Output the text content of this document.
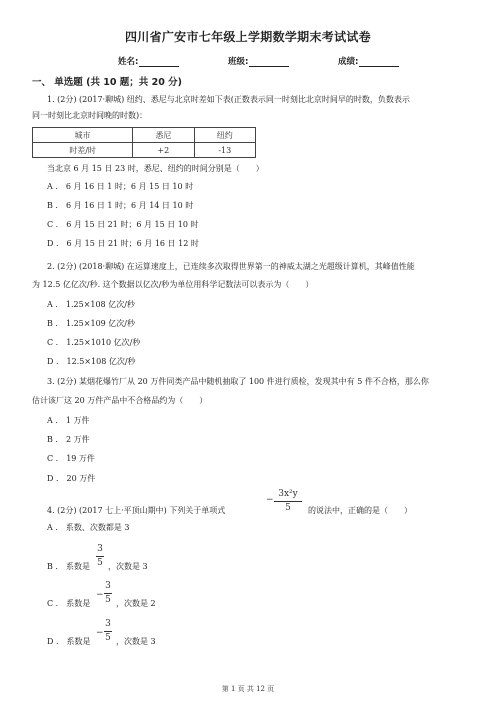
四川省广安市七年级上学期数学期末考试试卷
姓名:	班级:	成绩:
一、 单选题 (共 10 题；共 20 分)
1. (2分) (2017·聊城) 纽约、悉尼与北京时差如下表(正数表示同一时刻比北京时间早的时数，负数表示
同一时刻比北京时间晚的时数)：
城市	悉尼	纽约
时差/时	+2	-13
当北京 6 月 15 日 23 时，悉尼、纽约的时间分别是（　　）
A ． 6 月 16 日 1 时；6 月 15 日 10 时
B ． 6 月 16 日 1 时；6 月 14 日 10 时
C ． 6 月 15 日 21 时；6 月 15 日 10 时
D ． 6 月 15 日 21 时；6 月 16 日 12 时
2. (2分) (2018·聊城) 在运算速度上，已连续多次取得世界第一的神威太湖之光超级计算机，其峰值性能
为 12.5 亿亿次/秒. 这个数据以亿次/秒为单位用科学记数法可以表示为（　　）
A ． 1.25×108 亿次/秒
B ． 1.25×109 亿次/秒
C ． 1.25×1010 亿次/秒
D ． 12.5×108 亿次/秒
3. (2分) 某烟花爆竹厂从 20 万件同类产品中随机抽取了 100 件进行质检，发现其中有 5 件不合格，那么你
估计该厂这 20 万件产品中不合格品约为（　　）
A ． 1 万件
B ． 2 万件
C ． 19 万件
D ． 20 万件
4. (2分) (2017 七上·平顶山期中) 下列关于单项式
−
3x²y
5	的说法中，正确的是（　　）
A ． 系数、次数都是 3
B ． 系数是
3
5 ，次数是 3
C ． 系数是
−
3
5 ，次数是 2
D ． 系数是
−
3
5 ，次数是 3
第 1 页 共 12 页
